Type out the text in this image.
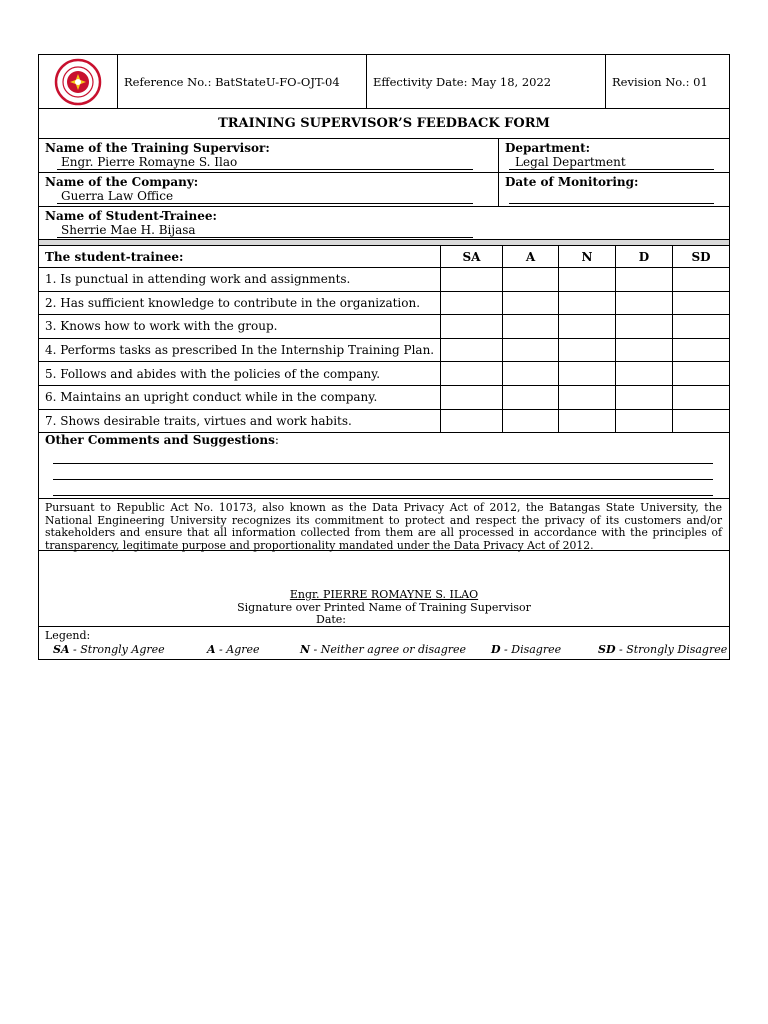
Reference No.: BatStateU-FO-OJT-04	Effectivity Date: May 18, 2022	Revision No.: 01
TRAINING SUPERVISOR’S FEEDBACK FORM
Name of the Training Supervisor:
Engr. Pierre Romayne S. Ilao
Department:
Legal Department
Name of the Company:
Guerra Law Office
Date of Monitoring:
Name of Student-Trainee:
Sherrie Mae H. Bijasa
The student-trainee:	SA	A	N	D	SD
1. Is punctual in attending work and assignments.
2. Has sufficient knowledge to contribute in the organization.
3. Knows how to work with the group.
4. Performs tasks as prescribed In the Internship Training Plan.
5. Follows and abides with the policies of the company.
6. Maintains an upright conduct while in the company.
7. Shows desirable traits, virtues and work habits.
Other Comments and Suggestions:
Pursuant to Republic Act No. 10173, also known as the Data Privacy Act of 2012, the Batangas State University, the National Engineering University recognizes its commitment to protect and respect the privacy of its customers and/or stakeholders and ensure that all information collected from them are all processed in accordance with the principles of transparency, legitimate purpose and proportionality mandated under the Data Privacy Act of 2012.
Engr. PIERRE ROMAYNE S. ILAO
Signature over Printed Name of Training Supervisor
Date:
Legend:
SA - Strongly Agree	A - Agree	N - Neither agree or disagree D - Disagree	SD - Strongly Disagree
